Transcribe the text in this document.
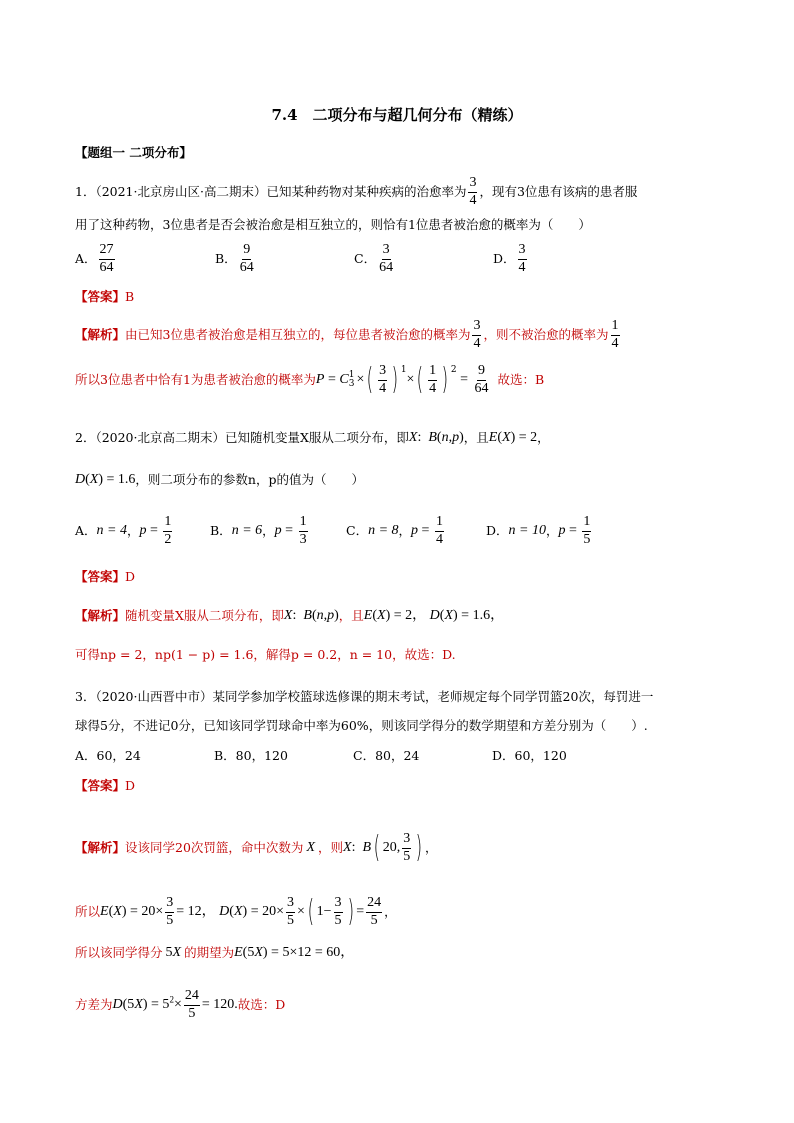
7.4　二项分布与超几何分布（精练）
【题组一 二项分布】
1．（2021·北京房山区·高二期末）已知某种药物对某种疾病的治愈率为 $\frac{3}{4}$ ，现有3位患有该病的患者服
用了这种药物，3位患者是否会被治愈是相互独立的，则恰有1位患者被治愈的概率为（　　）
A． $\frac{27}{64}$	B． $\frac{9}{64}$	C． $\frac{3}{64}$	D． $\frac{3}{4}$
【答案】 B
【解析】 由已知3位患者被治愈是相互独立的，每位患者被治愈的概率为 $\frac{3}{4}$ ，则不被治愈的概率为 $\frac{1}{4}$
所以3位患者中恰有1为患者被治愈的概率为 P = C 1
3 × ( $\frac{3}{4}$ ) 1
× ( $\frac{1}{4}$ ) 2
= $\frac{9}{64}$ 故选：B
2．（2020·北京高二期末）已知随机变量X服从二项分布，即 X:  B(n,p) ，且 E(X) = 2 ，
D(X) = 1.6 ，则二项分布的参数n，p的值为（　　）
A． n = 4 ， $p = \frac{1}{2}$	B． n = 6 ， $p = \frac{1}{3}$	C． n = 8 ， $p = \frac{1}{4}$	D． n = 10 ， $p = \frac{1}{5}$
【答案】 D
【解析】 随机变量X服从二项分布，即 X:  B(n,p) ，且 E(X) = 2， D(X) = 1.6，
可得np = 2，np(1 − p) = 1.6，解得p = 0.2，n = 10，故选：D.
3．（2020·山西晋中市）某同学参加学校篮球选修课的期末考试，老师规定每个同学罚篮20次，每罚进一
球得5分，不进记0分，已知该同学罚球命中率为60%，则该同学得分的数学期望和方差分别为（　　）.
A．60，24	B．80，120	C．80，24	D．60，120
【答案】 D
【解析】 设该同学20次罚篮，命中次数为 X ，则 X : B ( 20, $\frac{3}{5}$ ) ，
所以 $E(X) = 20\times \frac{3}{5} = 12$， $D(X) = 20\times \frac{3}{5}$ × ( $1- \frac{3}{5}$ ) = $\frac{24}{5}$ ，
所以该同学得分 5X 的期望为 E(5X) = 5×12 = 60，
方差为 $D(5X) = 5^2\times \frac{24}{5} = 120$. 故选：D
